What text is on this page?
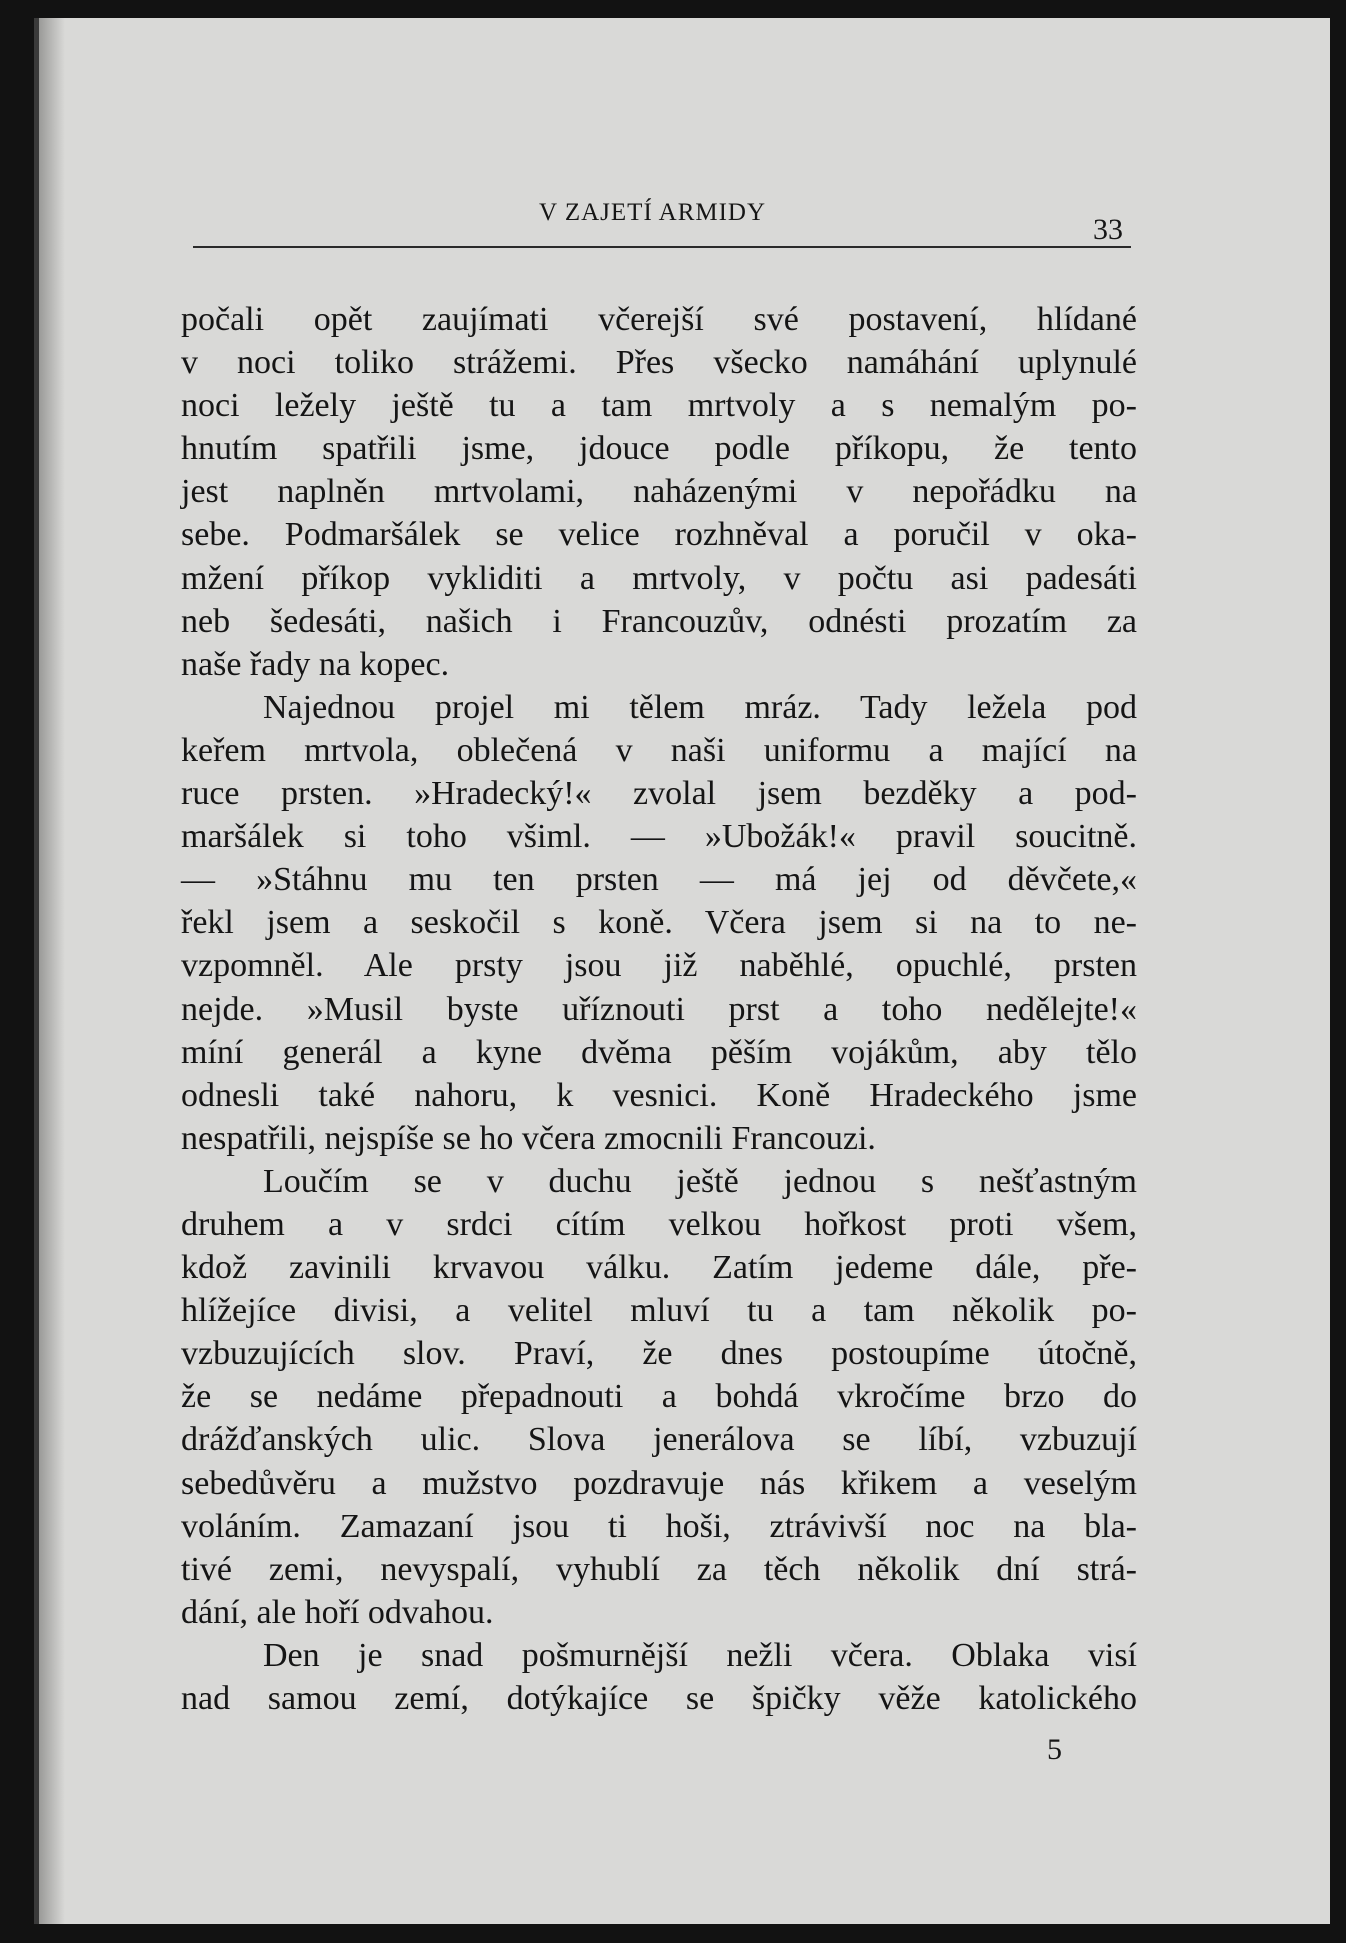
V ZAJETÍ ARMIDY
33
počali opět zaujímati včerejší své postavení, hlídané
v noci toliko strážemi. Přes všecko namáhání uplynulé
noci ležely ještě tu a tam mrtvoly a s nemalým po-
hnutím spatřili jsme, jdouce podle příkopu, že tento
jest naplněn mrtvolami, naházenými v nepořádku na
sebe. Podmaršálek se velice rozhněval a poručil v oka-
mžení příkop vykliditi a mrtvoly, v počtu asi padesáti
neb šedesáti, našich i Francouzův, odnésti prozatím za
naše řady na kopec.
Najednou projel mi tělem mráz. Tady ležela pod
keřem mrtvola, oblečená v naši uniformu a mající na
ruce prsten. »Hradecký!« zvolal jsem bezděky a pod-
maršálek si toho všiml. — »Ubožák!« pravil soucitně.
— »Stáhnu mu ten prsten — má jej od děvčete,«
řekl jsem a seskočil s koně. Včera jsem si na to ne-
vzpomněl. Ale prsty jsou již naběhlé, opuchlé, prsten
nejde. »Musil byste uříznouti prst a toho nedělejte!«
míní generál a kyne dvěma pěším vojákům, aby tělo
odnesli také nahoru, k vesnici. Koně Hradeckého jsme
nespatřili, nejspíše se ho včera zmocnili Francouzi.
Loučím se v duchu ještě jednou s nešťastným
druhem a v srdci cítím velkou hořkost proti všem,
kdož zavinili krvavou válku. Zatím jedeme dále, pře-
hlížejíce divisi, a velitel mluví tu a tam několik po-
vzbuzujících slov. Praví, že dnes postoupíme útočně,
že se nedáme přepadnouti a bohdá vkročíme brzo do
drážďanských ulic. Slova jenerálova se líbí, vzbuzují
sebedůvěru a mužstvo pozdravuje nás křikem a veselým
voláním. Zamazaní jsou ti hoši, ztrávivší noc na bla-
tivé zemi, nevyspalí, vyhublí za těch několik dní strá-
dání, ale hoří odvahou.
Den je snad pošmurnější nežli včera. Oblaka visí
nad samou zemí, dotýkajíce se špičky věže katolického
5
